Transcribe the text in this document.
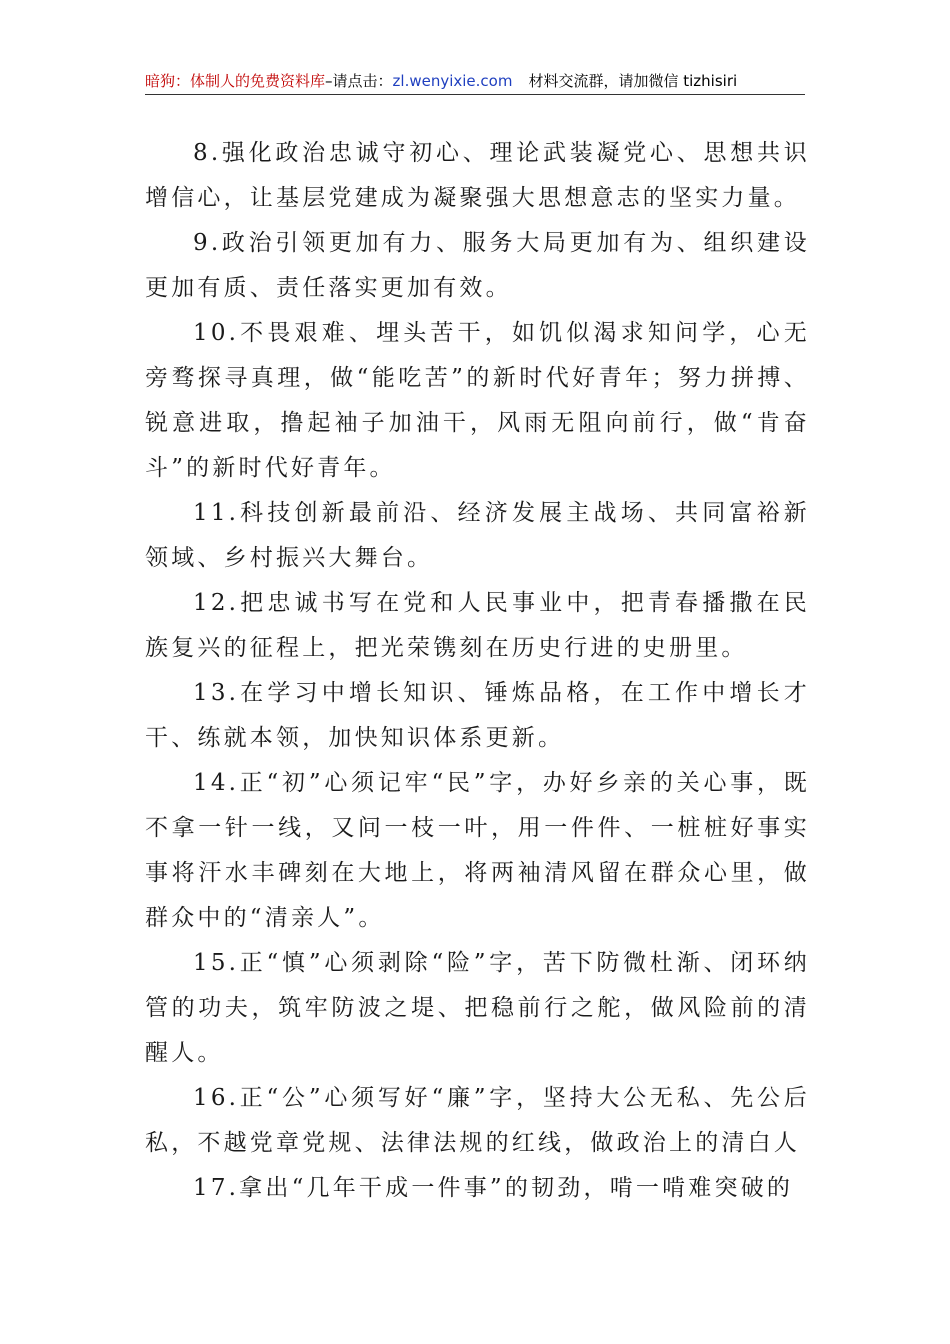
暗狗：体制人的免费资料库–请点击：zl.wenyixie.com 材料交流群，请加微信 tizhisiri

8.强化政治忠诚守初心、理论武装凝党心、思想共识增信心，让基层党建成为凝聚强大思想意志的坚实力量。

9.政治引领更加有力、服务大局更加有为、组织建设更加有质、责任落实更加有效。

10.不畏艰难、埋头苦干，如饥似渴求知问学，心无旁骛探寻真理，做“能吃苦”的新时代好青年；努力拼搏、锐意进取，撸起袖子加油干，风雨无阻向前行，做“肯奋斗”的新时代好青年。

11.科技创新最前沿、经济发展主战场、共同富裕新领域、乡村振兴大舞台。

12.把忠诚书写在党和人民事业中，把青春播撒在民族复兴的征程上，把光荣镌刻在历史行进的史册里。

13.在学习中增长知识、锤炼品格，在工作中增长才干、练就本领，加快知识体系更新。

14.正“初”心须记牢“民”字，办好乡亲的关心事，既不拿一针一线，又问一枝一叶，用一件件、一桩桩好事实事将汗水丰碑刻在大地上，将两袖清风留在群众心里，做群众中的“清亲人”。

15.正“慎”心须剥除“险”字，苦下防微杜渐、闭环纳管的功夫，筑牢防波之堤、把稳前行之舵，做风险前的清醒人。

16.正“公”心须写好“廉”字，坚持大公无私、先公后私，不越党章党规、法律法规的红线，做政治上的清白人

17.拿出“几年干成一件事”的韧劲，啃一啃难突破的
